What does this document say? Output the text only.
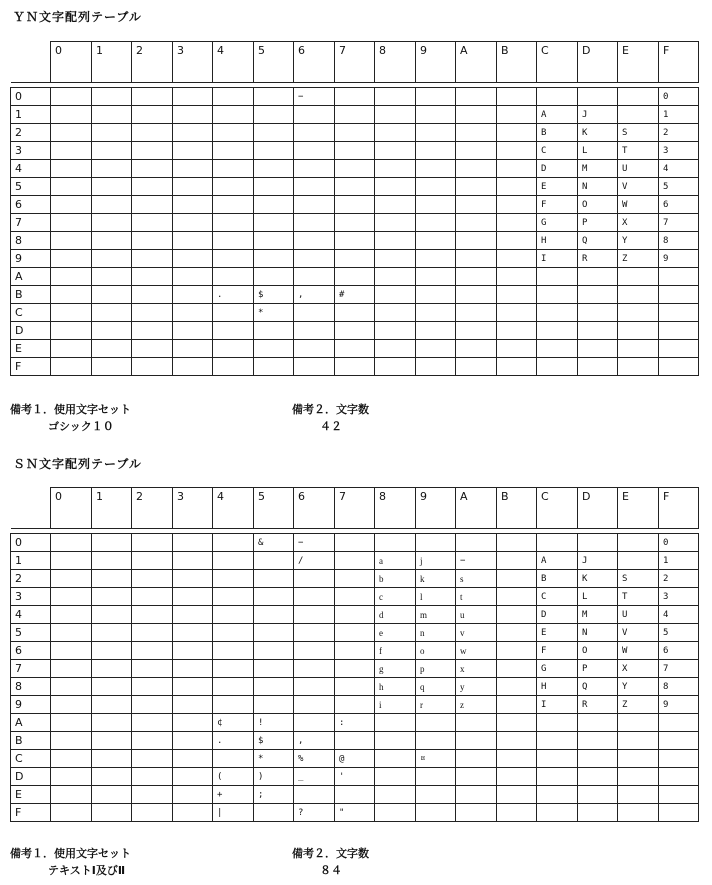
ＹＮ文字配列テーブル
	0	1	2	3	4	5	6	7	8	9	A	B	C	D	E	F

0							−									0
1													A	J		1
2													B	K	S	2
3													C	L	T	3
4													D	M	U	4
5													E	N	V	5
6													F	O	W	6
7													G	P	X	7
8													H	Q	Y	8
9													I	R	Z	9
A																
B					.	$	,	#								
C						*										
D																
E																
F																
備考１．使用文字セット
ゴシック１０
備考２．文字数
４２
ＳＮ文字配列テーブル
	0	1	2	3	4	5	6	7	8	9	A	B	C	D	E	F

0						&	−									0
1							/		a	j	−		A	J		1
2									b	k	s		B	K	S	2
3									c	l	t		C	L	T	3
4									d	m	u		D	M	U	4
5									e	n	v		E	N	V	5
6									f	o	w		F	O	W	6
7									g	p	x		G	P	X	7
8									h	q	y		H	Q	Y	8
9									i	r	z		I	R	Z	9
A					¢	!		:								
B					.	$	,									
C						*	%	@		¤						
D					(	)	_	'								
E					+	;										
F					|		?	"								
備考１．使用文字セット
テキストⅠ及びⅡ
備考２．文字数
８４
